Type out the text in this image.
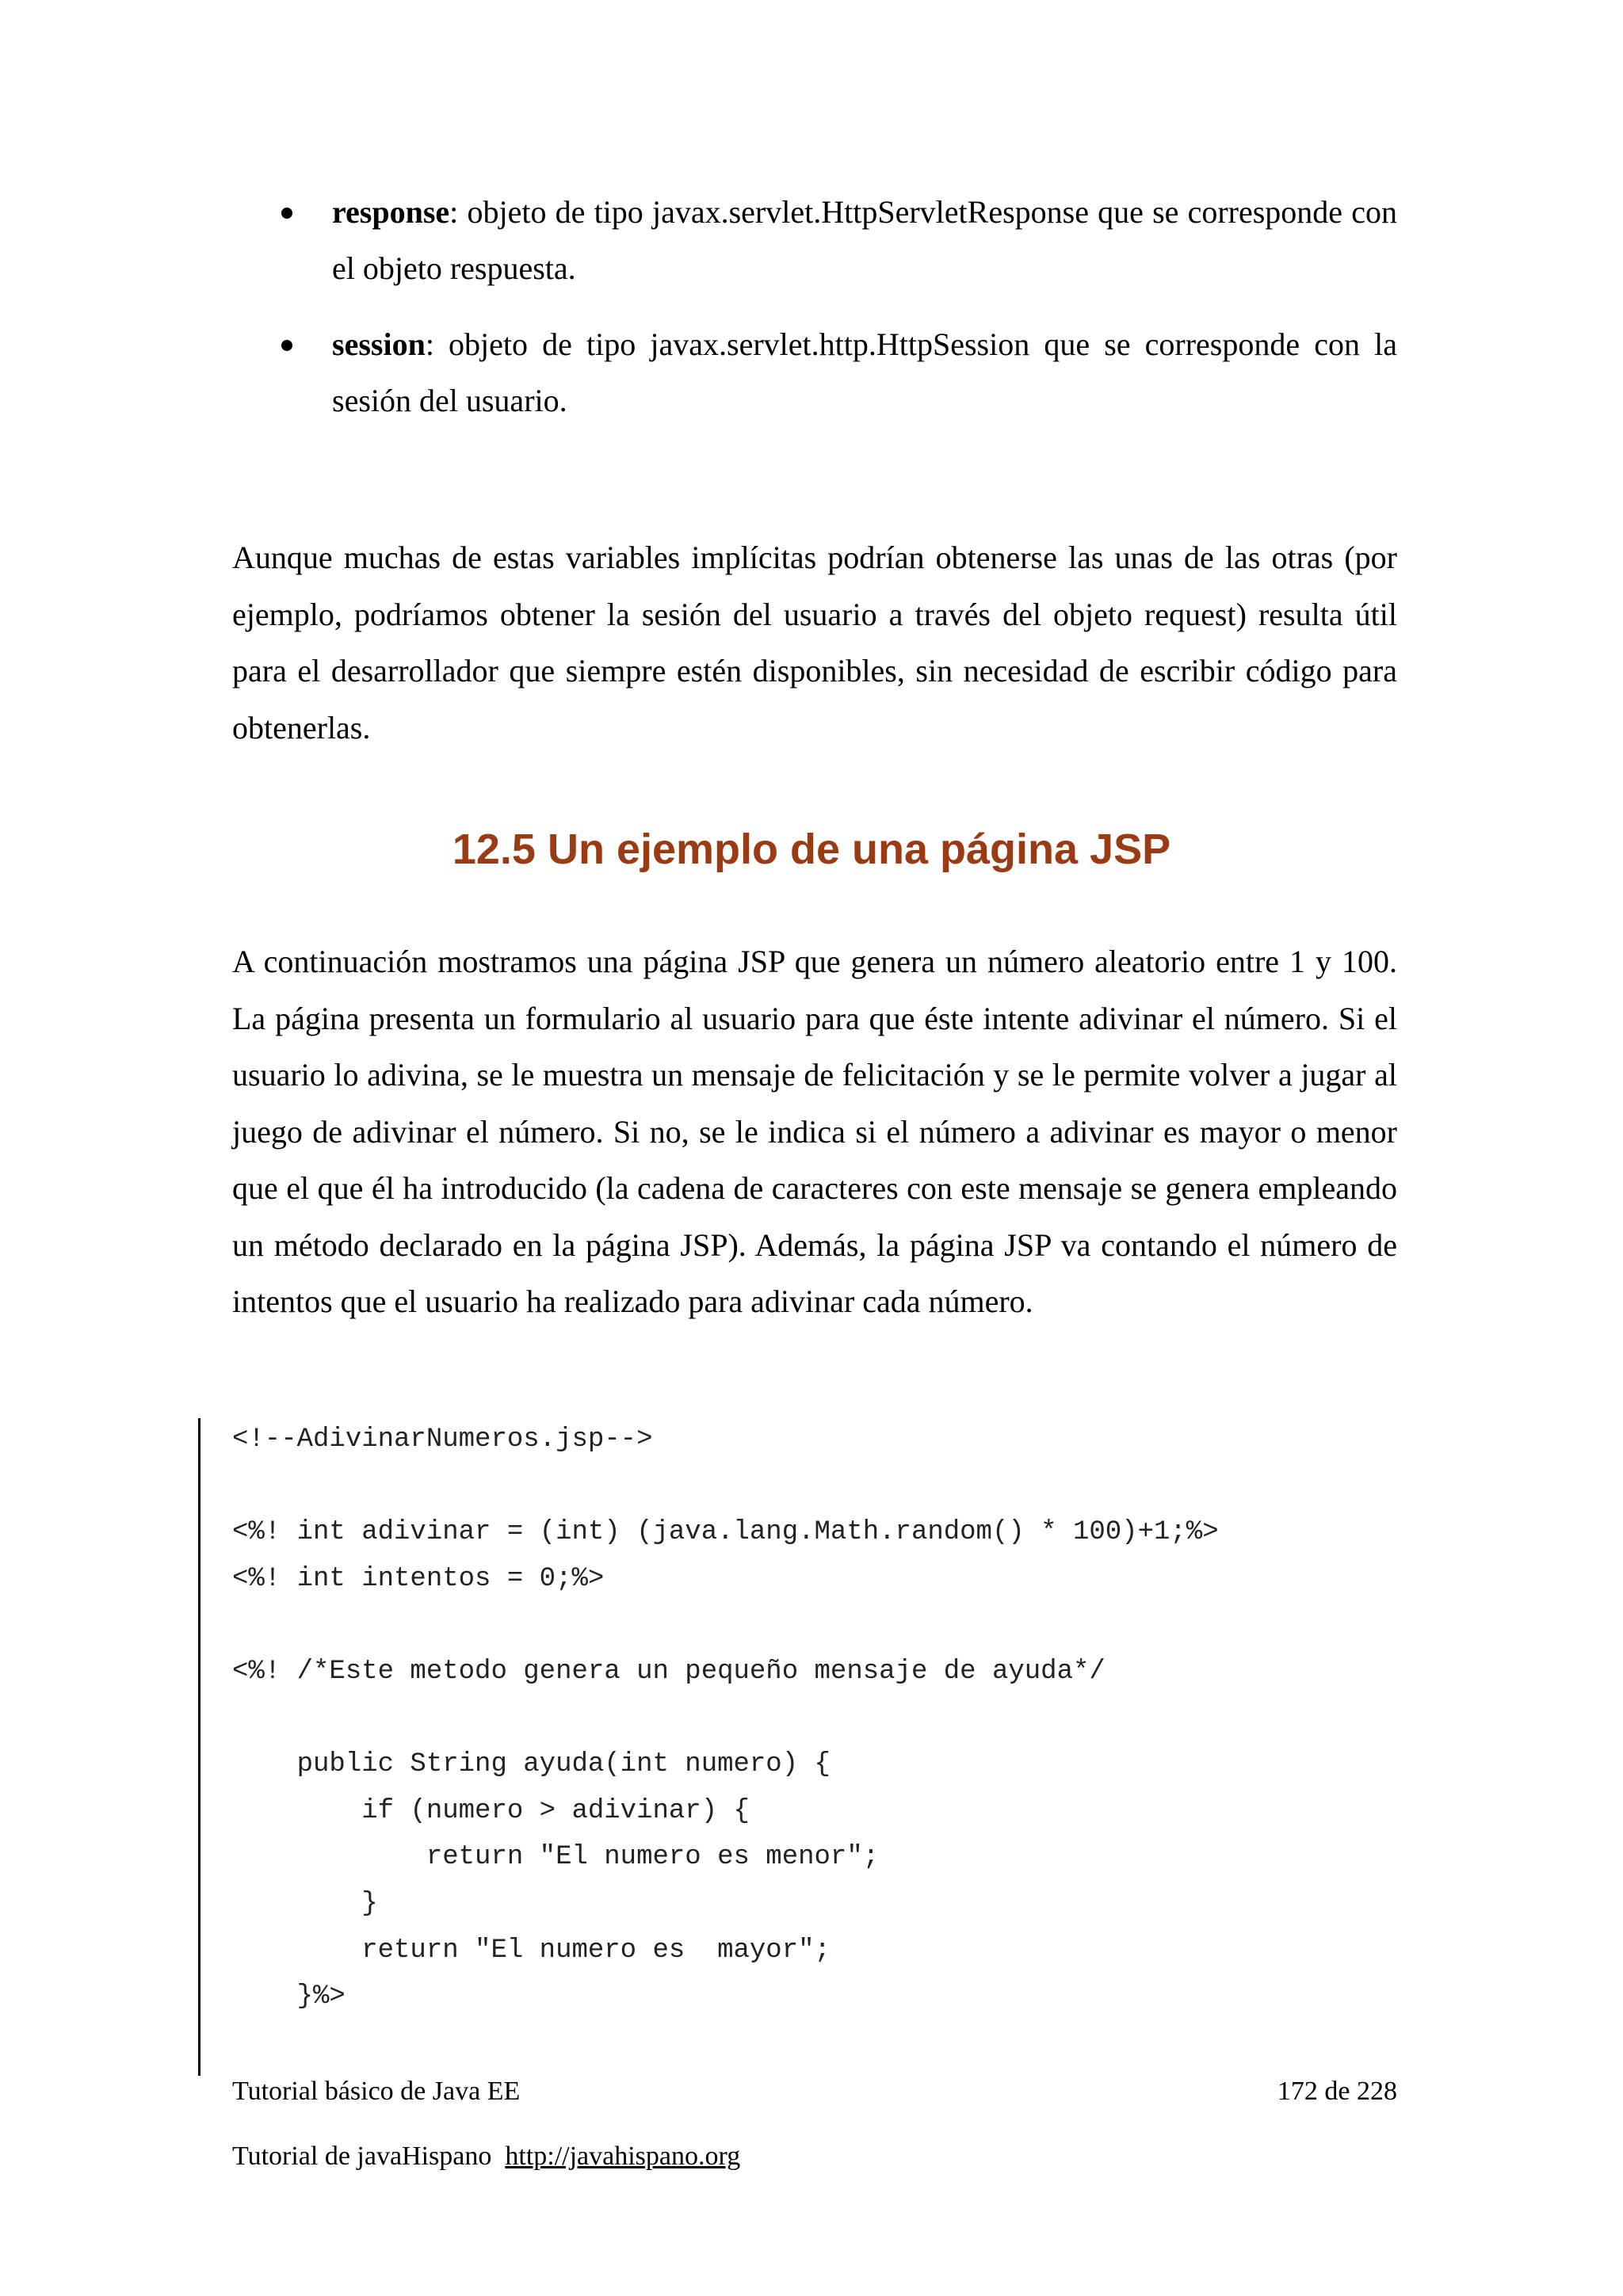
response: objeto de tipo javax.servlet.HttpServletResponse que se corresponde con el objeto respuesta.
session: objeto de tipo javax.servlet.http.HttpSession que se corresponde con la sesión del usuario.

Aunque muchas de estas variables implícitas podrían obtenerse las unas de las otras (por ejemplo, podríamos obtener la sesión del usuario a través del objeto request) resulta útil para el desarrollador que siempre estén disponibles, sin necesidad de escribir código para obtenerlas.

12.5 Un ejemplo de una página JSP

A continuación mostramos una página JSP que genera un número aleatorio entre 1 y 100. La página presenta un formulario al usuario para que éste intente adivinar el número. Si el usuario lo adivina, se le muestra un mensaje de felicitación y se le permite volver a jugar al juego de adivinar el número. Si no, se le indica si el número a adivinar es mayor o menor que el que él ha introducido (la cadena de caracteres con este mensaje se genera empleando un método declarado en la página JSP). Además, la página JSP va contando el número de intentos que el usuario ha realizado para adivinar cada número.

<!--AdivinarNumeros.jsp-->
<%! int adivinar = (int) (java.lang.Math.random() * 100)+1;%>
<%! int intentos = 0;%>
<%! /*Este metodo genera un pequeño mensaje de ayuda*/
public String ayuda(int numero) {
if (numero > adivinar) {
return "El numero es menor";
}
return "El numero es  mayor";
}%>
Tutorial básico de Java EE	172 de 228
Tutorial de javaHispano  http://javahispano.org
